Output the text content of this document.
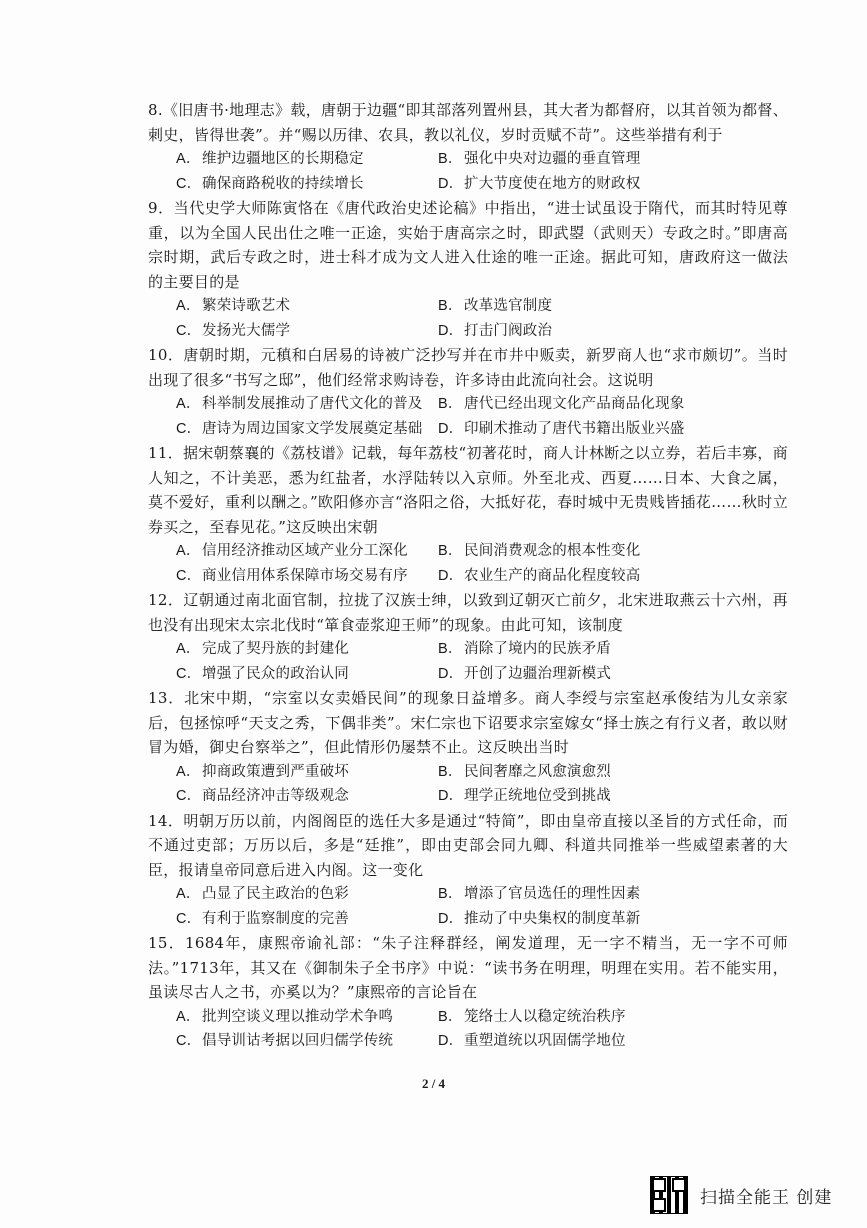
8.《旧唐书·地理志》载，唐朝于边疆“即其部落列置州县，其大者为都督府，以其首领为都督、刺史，皆得世袭”。并“赐以历律、农具，教以礼仪，岁时贡赋不苛”。这些举措有利于
A．维护边疆地区的长期稳定	B．强化中央对边疆的垂直管理
C．确保商路税收的持续增长	D．扩大节度使在地方的财政权
9．当代史学大师陈寅恪在《唐代政治史述论稿》中指出，“进士试虽设于隋代，而其时特见尊重，以为全国人民出仕之唯一正途，实始于唐高宗之时，即武曌（武则天）专政之时。”即唐高宗时期，武后专政之时，进士科才成为文人进入仕途的唯一正途。据此可知，唐政府这一做法的主要目的是
A．繁荣诗歌艺术	B．改革选官制度
C．发扬光大儒学	D．打击门阀政治
10．唐朝时期，元稹和白居易的诗被广泛抄写并在市井中贩卖，新罗商人也“求市颇切”。当时出现了很多“书写之邸”，他们经常求购诗卷，许多诗由此流向社会。这说明
A．科举制发展推动了唐代文化的普及	B．唐代已经出现文化产品商品化现象
C．唐诗为周边国家文学发展奠定基础	D．印刷术推动了唐代书籍出版业兴盛
11．据宋朝蔡襄的《荔枝谱》记载，每年荔枝“初著花时，商人计林断之以立券，若后丰寡，商人知之，不计美恶，悉为红盐者，水浮陆转以入京师。外至北戎、西夏……日本、大食之属，莫不爱好，重利以酬之。”欧阳修亦言“洛阳之俗，大抵好花，春时城中无贵贱皆插花……秋时立券买之，至春见花。”这反映出宋朝
A．信用经济推动区域产业分工深化	B．民间消费观念的根本性变化
C．商业信用体系保障市场交易有序	D．农业生产的商品化程度较高
12．辽朝通过南北面官制，拉拢了汉族士绅，以致到辽朝灭亡前夕，北宋进取燕云十六州，再也没有出现宋太宗北伐时“箪食壶浆迎王师”的现象。由此可知，该制度
A．完成了契丹族的封建化	B．消除了境内的民族矛盾
C．增强了民众的政治认同	D．开创了边疆治理新模式
13．北宋中期，“宗室以女卖婚民间”的现象日益增多。商人李绶与宗室赵承俊结为儿女亲家后，包拯惊呼“天支之秀，下偶非类”。宋仁宗也下诏要求宗室嫁女“择士族之有行义者，敢以财冒为婚，御史台察举之”，但此情形仍屡禁不止。这反映出当时
A．抑商政策遭到严重破坏	B．民间奢靡之风愈演愈烈
C．商品经济冲击等级观念	D．理学正统地位受到挑战
14．明朝万历以前，内阁阁臣的选任大多是通过“特简”，即由皇帝直接以圣旨的方式任命，而不通过吏部；万历以后，多是“廷推”，即由吏部会同九卿、科道共同推举一些威望素著的大臣，报请皇帝同意后进入内阁。这一变化
A．凸显了民主政治的色彩	B．增添了官员选任的理性因素
C．有利于监察制度的完善	D．推动了中央集权的制度革新
15．1684年，康熙帝谕礼部：“朱子注释群经，阐发道理，无一字不精当，无一字不可师法。”1713年，其又在《御制朱子全书序》中说：“读书务在明理，明理在实用。若不能实用，虽读尽古人之书，亦奚以为？”康熙帝的言论旨在
A．批判空谈义理以推动学术争鸣	B．笼络士人以稳定统治秩序
C．倡导训诂考据以回归儒学传统	D．重塑道统以巩固儒学地位
2 / 4
扫描全能王 创建
